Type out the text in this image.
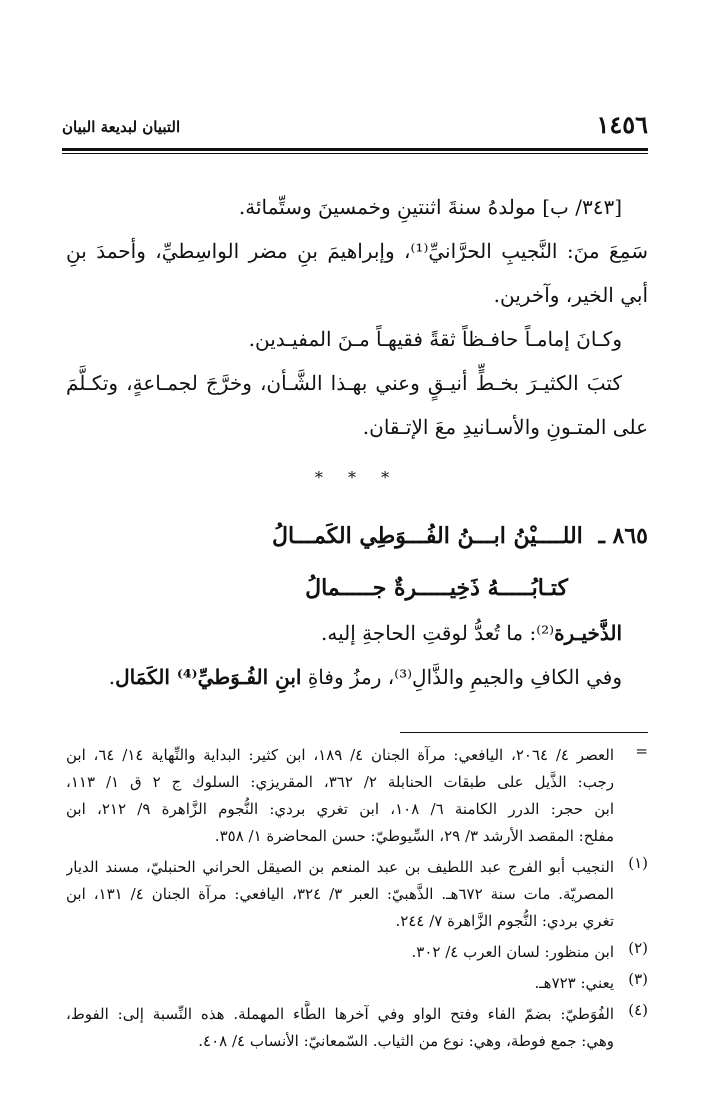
١٤٥٦
التبيان لبديعة البيان
[٣٤٣/ ب] مولدهُ سنةَ اثنتينِ وخمسينَ وستِّمائة.
سَمِعَ منَ: النَّجيبِ الحرَّانيِّ⁽¹⁾، وإبراهيمَ بنِ مضر الواسِطيِّ، وأحمدَ بنِ
أبي الخير، وآخرين.
وكـانَ إمامـاً حافـظاً ثقةً فقيهـاً مـنَ المفيـدين.
كتبَ الكثيـرَ بخـطٍّ أنيـقٍ وعني بهـذا الشَّـأن، وخرَّجَ لجمـاعةٍ، وتكـلَّمَ
على المتـونِ والأسـانيدِ معَ الإتـقان.
* * *
٨٦٥ ـ اللــــيْنُ ابـــنُ الفُـــوَطِي الكَمـــالُ
كتـابُـــــهُ ذَخِيـــــرةٌ جـــــمالُ
الذَّخيـرة⁽²⁾: ما تُعدُّ لوقتِ الحاجةِ إليه.
وفي الكافِ والجيمِ والذَّالِ⁽³⁾، رمزُ وفاةِ ابنِ الفُـوَطيِّ⁽⁴⁾ الكَمَال.
=
العصر ٤/ ٢٠٦٤، اليافعي: مرآة الجنان ٤/ ١٨٩، ابن كثير: البداية والنِّهاية ١٤/ ٦٤، ابن
رجب: الذَّيل على طبقات الحنابلة ٢/ ٣٦٢، المقريزي: السلوك ج ٢ ق ١/ ١١٣،
ابن حجر: الدرر الكامنة ٦/ ١٠٨، ابن تغري بردي: النُّجوم الزَّاهرة ٩/ ٢١٢، ابن
مفلح: المقصد الأرشد ٣/ ٢٩، السِّيوطيّ: حسن المحاضرة ١/ ٣٥٨.
(١)
النجيب أبو الفرج عبد اللطيف بن عبد المنعم بن الصيقل الحراني الحنبليّ، مسند الديار
المصريّة. مات سنة ٦٧٢هـ. الذَّهبيّ: العبر ٣/ ٣٢٤، اليافعي: مرآة الجنان ٤/ ١٣١، ابن
تغري بردي: النُّجوم الزَّاهرة ٧/ ٢٤٤.
(٢)
ابن منظور: لسان العرب ٤/ ٣٠٢.
(٣)
يعني: ٧٢٣هـ.
(٤)
الفُوَطيّ: بضمّ الفاء وفتح الواو وفي آخرها الطَّاء المهملة. هذه النِّسبة إلى: الفوط،
وهي: جمع فوطة، وهي: نوع من الثياب. السّمعانيّ: الأنساب ٤/ ٤٠٨.
